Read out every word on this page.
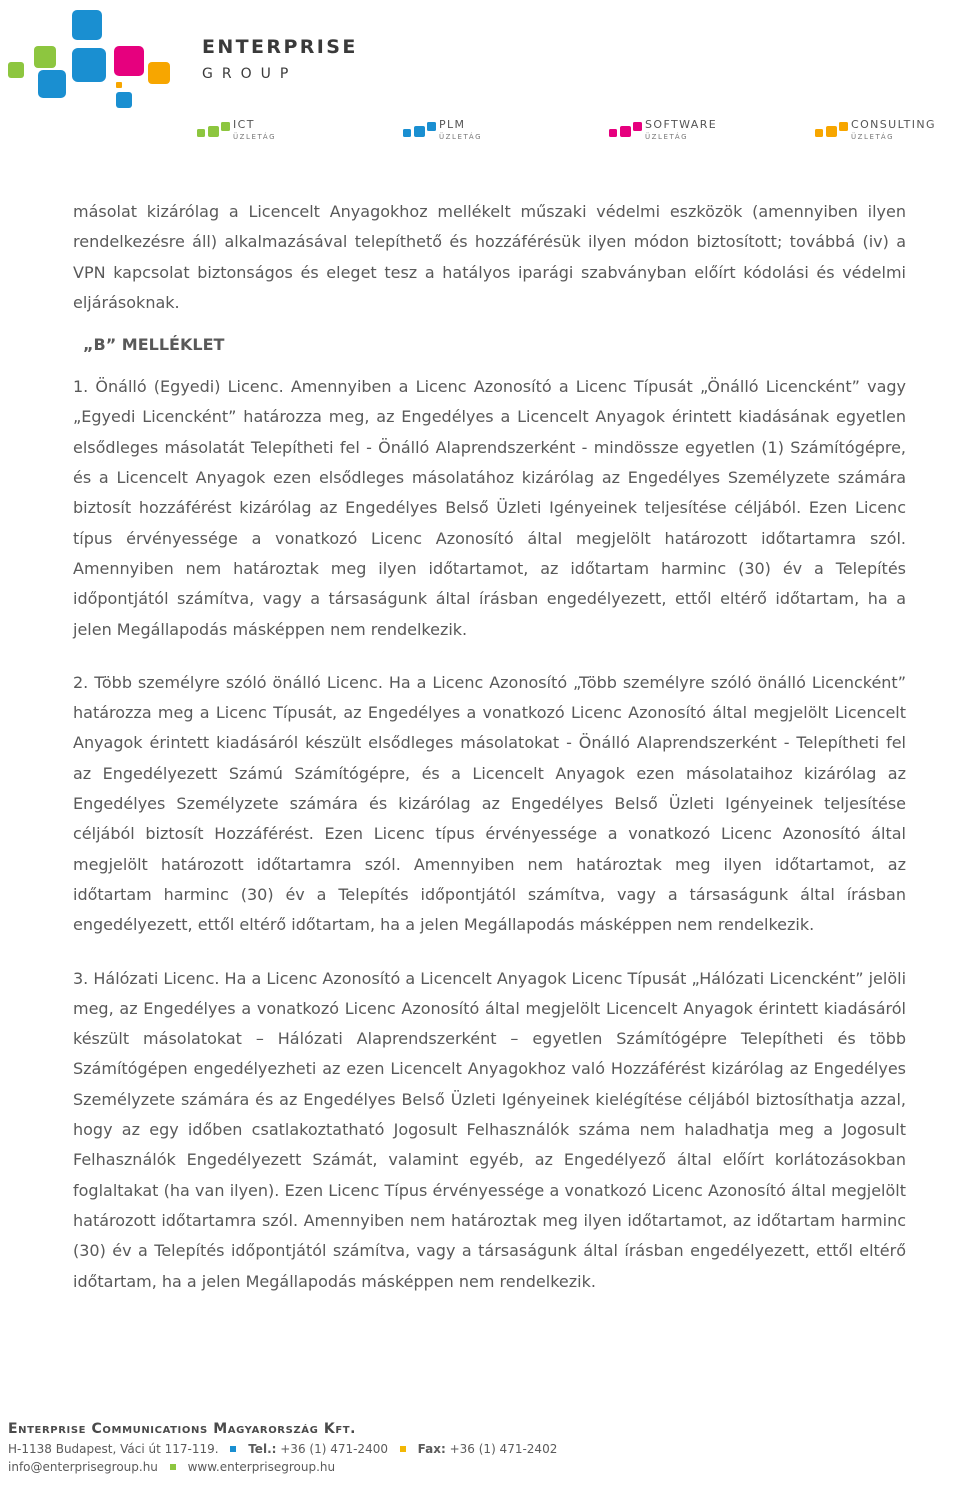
ENTERPRISE
GROUP
ICT
ÜZLETÁG
PLM
ÜZLETÁG
SOFTWARE
ÜZLETÁG
CONSULTING
ÜZLETÁG

másolat kizárólag a Licencelt Anyagokhoz mellékelt műszaki védelmi eszközök (amennyiben ilyen rendelkezésre áll) alkalmazásával telepíthető és hozzáférésük ilyen módon biztosított; továbbá (iv) a VPN kapcsolat biztonságos és eleget tesz a hatályos iparági szabványban előírt kódolási és védelmi eljárásoknak.

„B” MELLÉKLET

1. Önálló (Egyedi) Licenc. Amennyiben a Licenc Azonosító a Licenc Típusát „Önálló Licencként” vagy „Egyedi Licencként” határozza meg, az Engedélyes a Licencelt Anyagok érintett kiadásának egyetlen elsődleges másolatát Telepítheti fel - Önálló Alaprendszerként - mindössze egyetlen (1) Számítógépre, és a Licencelt Anyagok ezen elsődleges másolatához kizárólag az Engedélyes Személyzete számára biztosít hozzáférést kizárólag az Engedélyes Belső Üzleti Igényeinek teljesítése céljából. Ezen Licenc típus érvényessége a vonatkozó Licenc Azonosító által megjelölt határozott időtartamra szól. Amennyiben nem határoztak meg ilyen időtartamot, az időtartam harminc (30) év a Telepítés időpontjától számítva, vagy a társaságunk által írásban engedélyezett, ettől eltérő időtartam, ha a jelen Megállapodás másképpen nem rendelkezik.

2. Több személyre szóló önálló Licenc. Ha a Licenc Azonosító „Több személyre szóló önálló Licencként” határozza meg a Licenc Típusát, az Engedélyes a vonatkozó Licenc Azonosító által megjelölt Licencelt Anyagok érintett kiadásáról készült elsődleges másolatokat - Önálló Alaprendszerként - Telepítheti fel az Engedélyezett Számú Számítógépre, és a Licencelt Anyagok ezen másolataihoz kizárólag az Engedélyes Személyzete számára és kizárólag az Engedélyes Belső Üzleti Igényeinek teljesítése céljából biztosít Hozzáférést. Ezen Licenc típus érvényessége a vonatkozó Licenc Azonosító által megjelölt határozott időtartamra szól. Amennyiben nem határoztak meg ilyen időtartamot, az időtartam harminc (30) év a Telepítés időpontjától számítva, vagy a társaságunk által írásban engedélyezett, ettől eltérő időtartam, ha a jelen Megállapodás másképpen nem rendelkezik.

3. Hálózati Licenc. Ha a Licenc Azonosító a Licencelt Anyagok Licenc Típusát „Hálózati Licencként” jelöli meg, az Engedélyes a vonatkozó Licenc Azonosító által megjelölt Licencelt Anyagok érintett kiadásáról készült másolatokat – Hálózati Alaprendszerként – egyetlen Számítógépre Telepítheti és több Számítógépen engedélyezheti az ezen Licencelt Anyagokhoz való Hozzáférést kizárólag az Engedélyes Személyzete számára és az Engedélyes Belső Üzleti Igényeinek kielégítése céljából biztosíthatja azzal, hogy az egy időben csatlakoztatható Jogosult Felhasználók száma nem haladhatja meg a Jogosult Felhasználók Engedélyezett Számát, valamint egyéb, az Engedélyező által előírt korlátozásokban foglaltakat (ha van ilyen). Ezen Licenc Típus érvényessége a vonatkozó Licenc Azonosító által megjelölt határozott időtartamra szól. Amennyiben nem határoztak meg ilyen időtartamot, az időtartam harminc (30) év a Telepítés időpontjától számítva, vagy a társaságunk által írásban engedélyezett, ettől eltérő időtartam, ha a jelen Megállapodás másképpen nem rendelkezik.

Enterprise Communications Magyarország Kft.
H-1138 Budapest, Váci út 117-119. Tel.: +36 (1) 471-2400 Fax: +36 (1) 471-2402
info@enterprisegroup.hu www.enterprisegroup.hu
